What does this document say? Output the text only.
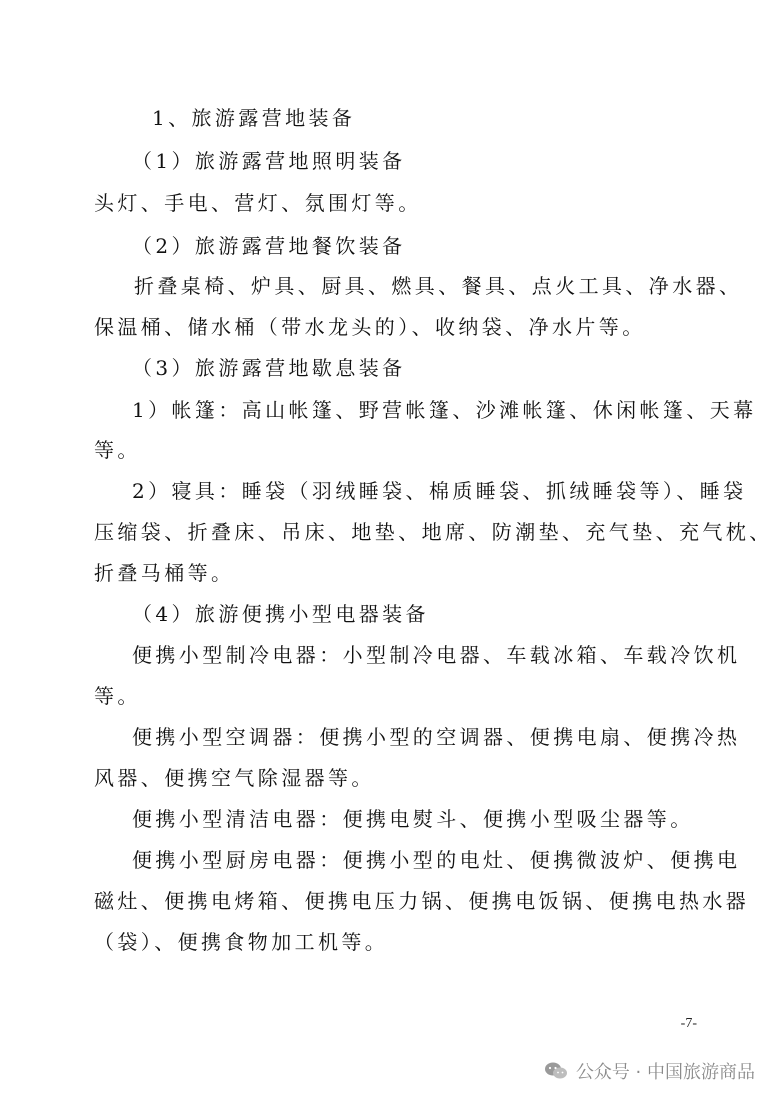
1、旅游露营地装备
（1）旅游露营地照明装备
头灯、手电、营灯、氛围灯等。
（2）旅游露营地餐饮装备
折叠桌椅、炉具、厨具、燃具、餐具、点火工具、净水器、
保温桶、储水桶（带水龙头的）、收纳袋、净水片等。
（3）旅游露营地歇息装备
1）帐篷：高山帐篷、野营帐篷、沙滩帐篷、休闲帐篷、天幕
等。
2）寝具：睡袋（羽绒睡袋、棉质睡袋、抓绒睡袋等）、睡袋
压缩袋、折叠床、吊床、地垫、地席、防潮垫、充气垫、充气枕、
折叠马桶等。
（4）旅游便携小型电器装备
便携小型制冷电器：小型制冷电器、车载冰箱、车载冷饮机
等。
便携小型空调器：便携小型的空调器、便携电扇、便携冷热
风器、便携空气除湿器等。
便携小型清洁电器：便携电熨斗、便携小型吸尘器等。
便携小型厨房电器：便携小型的电灶、便携微波炉、便携电
磁灶、便携电烤箱、便携电压力锅、便携电饭锅、便携电热水器
（袋）、便携食物加工机等。
-7-
公众号 · 中国旅游商品
